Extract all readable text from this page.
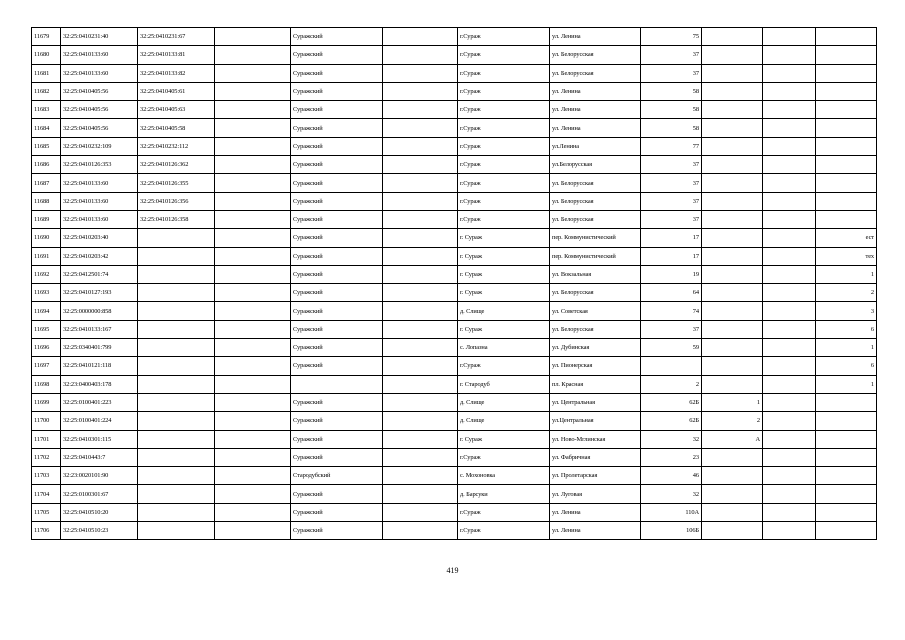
11679	32:25:0410231:40	32:25:0410231:67		Суражский		г.Сураж	ул. Ленина	75			
11680	32:25:0410133:60	32:25:0410133:81		Суражский		г.Сураж	ул. Белорусская	37			
11681	32:25:0410133:60	32:25:0410133:82		Суражский		г.Сураж	ул. Белорусская	37			
11682	32:25:0410405:56	32:25:0410405:61		Суражский		г.Сураж	ул. Ленина	58			
11683	32:25:0410405:56	32:25:0410405:63		Суражский		г.Сураж	ул. Ленина	58			
11684	32:25:0410405:56	32:25:0410405:58		Суражский		г.Сураж	ул. Ленина	58			
11685	32:25:0410232:109	32:25:0410232:112		Суражский		г.Сураж	ул.Ленина	77			
11686	32:25:0410126:353	32:25:0410126:362		Суражский		г.Сураж	ул.Белорусская	37			
11687	32:25:0410133:60	32:25:0410126:355		Суражский		г.Сураж	ул. Белорусская	37			
11688	32:25:0410133:60	32:25:0410126:356		Суражский		г.Сураж	ул. Белорусская	37			
11689	32:25:0410133:60	32:25:0410126:358		Суражский		г.Сураж	ул. Белорусская	37			
11690	32:25:0410203:40			Суражский		г. Сураж	пер. Коммунистический	17			ест
11691	32:25:0410203:42			Суражский		г. Сураж	пер. Коммунистический	17			тех
11692	32:25:0412501:74			Суражский		г. Сураж	ул. Вокзальная	19			1
11693	32:25:0410127:193			Суражский		г. Сураж	ул. Белорусская	64			2
11694	32:25:0000000:858			Суражский		д. Слище	ул. Советская	74			3
11695	32:25:0410133:167			Суражский		г. Сураж	ул. Белорусская	37			6
11696	32:25:0340401:799			Суражский		с. Лопазна	ул. Дубинская	59			1
11697	32:25:0410121:118			Суражский		г.Сураж	ул. Пионерская				6
11698	32:23:0400403:178					г. Стародуб	пл. Красная	2			1
11699	32:25:0100401:223			Суражский		д. Слище	ул. Центральная	62Б	1		
11700	32:25:0100401:224			Суражский		д. Слище	ул.Центральная	62Б	2		
11701	32:25:0410301:115			Суражский		г. Сураж	ул. Ново-Мглинская	32	А		
11702	32:25:0410443:7			Суражский		г.Сураж	ул. Фабричная	23			
11703	32:23:0020101:90			Стародубский		с. Мохоновка	ул. Пролетарская	46			
11704	32:25:0100301:67			Суражский		д. Барсуки	ул. Луговая	32			
11705	32:25:0410510:20			Суражский		г.Сураж	ул. Ленина	110А			
11706	32:25:0410510:23			Суражский		г.Сураж	ул. Ленина	106Б			
419
